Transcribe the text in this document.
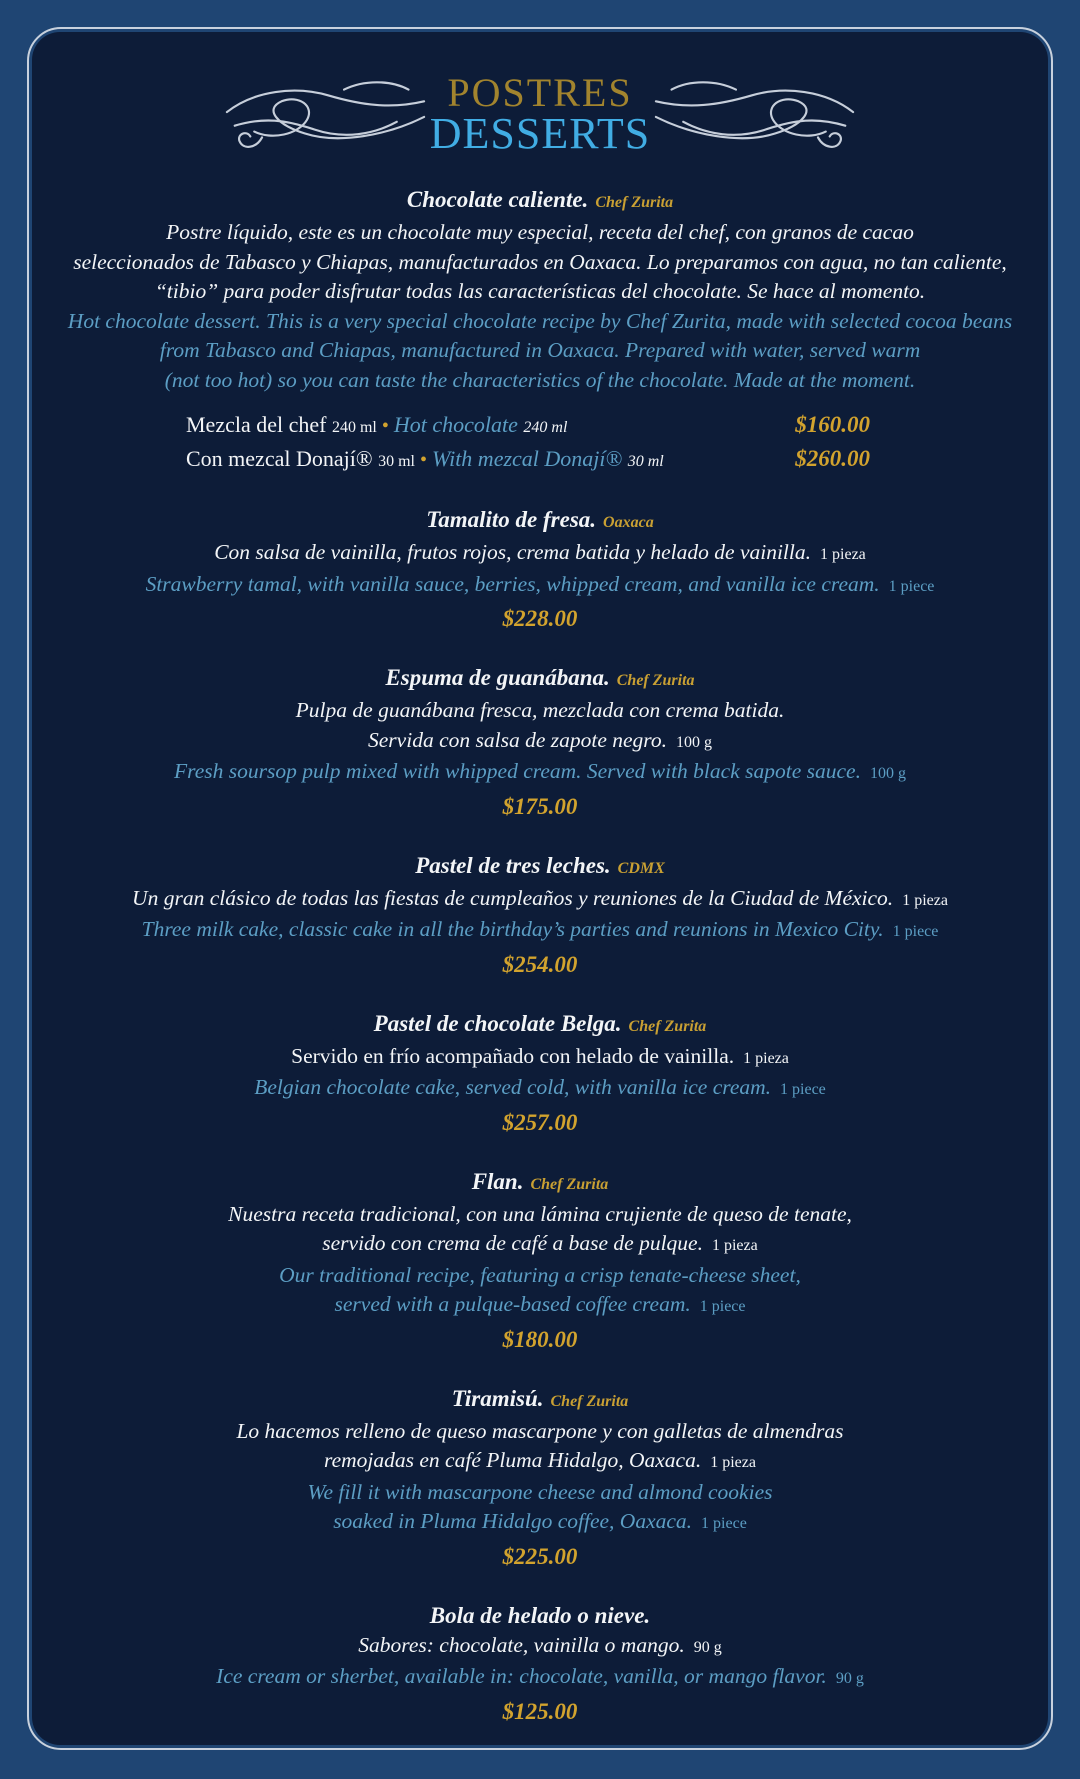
POSTRES
DESSERTS
Chocolate caliente. Chef Zurita
Postre líquido, este es un chocolate muy especial, receta del chef, con granos de cacao
seleccionados de Tabasco y Chiapas, manufacturados en Oaxaca. Lo preparamos con agua, no tan caliente,
“tibio” para poder disfrutar todas las características del chocolate. Se hace al momento.
Hot chocolate dessert. This is a very special chocolate recipe by Chef Zurita, made with selected cocoa beans
from Tabasco and Chiapas, manufactured in Oaxaca. Prepared with water, served warm
(not too hot) so you can taste the characteristics of the chocolate. Made at the moment.
Mezcla del chef 240 ml • Hot chocolate 240 ml	$160.00
Con mezcal Donají® 30 ml • With mezcal Donají® 30 ml	$260.00
Tamalito de fresa. Oaxaca
Con salsa de vainilla, frutos rojos, crema batida y helado de vainilla. 1 pieza
Strawberry tamal, with vanilla sauce, berries, whipped cream, and vanilla ice cream. 1 piece
$228.00
Espuma de guanábana. Chef Zurita
Pulpa de guanábana fresca, mezclada con crema batida.
Servida con salsa de zapote negro. 100 g
Fresh soursop pulp mixed with whipped cream. Served with black sapote sauce. 100 g
$175.00
Pastel de tres leches. CDMX
Un gran clásico de todas las fiestas de cumpleaños y reuniones de la Ciudad de México. 1 pieza
Three milk cake, classic cake in all the birthday’s parties and reunions in Mexico City. 1 piece
$254.00
Pastel de chocolate Belga. Chef Zurita
Servido en frío acompañado con helado de vainilla. 1 pieza
Belgian chocolate cake, served cold, with vanilla ice cream. 1 piece
$257.00
Flan. Chef Zurita
Nuestra receta tradicional, con una lámina crujiente de queso de tenate,
servido con crema de café a base de pulque. 1 pieza
Our traditional recipe, featuring a crisp tenate-cheese sheet,
served with a pulque-based coffee cream. 1 piece
$180.00
Tiramisú. Chef Zurita
Lo hacemos relleno de queso mascarpone y con galletas de almendras
remojadas en café Pluma Hidalgo, Oaxaca. 1 pieza
We fill it with mascarpone cheese and almond cookies
soaked in Pluma Hidalgo coffee, Oaxaca. 1 piece
$225.00
Bola de helado o nieve.
Sabores: chocolate, vainilla o mango. 90 g
Ice cream or sherbet, available in: chocolate, vanilla, or mango flavor. 90 g
$125.00
